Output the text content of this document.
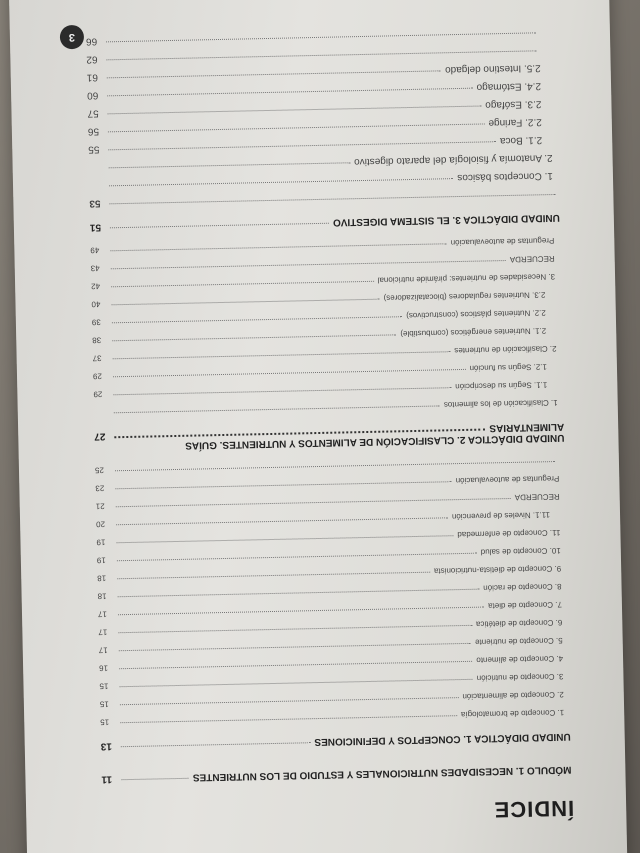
ÍNDICE
MÓDULO 1. NECESIDADES NUTRICIONALES Y ESTUDIO DE LOS NUTRIENTES
11
UNIDAD DIDÁCTICA 1. CONCEPTOS Y DEFINICIONES
13
1. Concepto de bromatología
15
2. Concepto de alimentación
15
3. Concepto de nutrición
15
4. Concepto de alimento
16
5. Concepto de nutriente
17
6. Concepto de dietética
17
7. Concepto de dieta
17
8. Concepto de ración
18
9. Concepto de dietista-nutricionista
18
10. Concepto de salud
19
11. Concepto de enfermedad
19
11.1. Niveles de prevención
20
RECUERDA
21
Preguntas de autoevaluación
23
25
UNIDAD DIDÁCTICA 2. CLASIFICACIÓN DE ALIMENTOS Y NUTRIENTES. GUÍAS
ALIMENTARIAS
27
1. Clasificación de los alimentos
1.1. Según su descripción
29
1.2. Según su función
29
2. Clasificación de nutrientes
37
2.1. Nutrientes energéticos (combustible)
38
2.2. Nutrientes plásticos (constructivos)
39
2.3. Nutrientes reguladores (biocatalizadores)
40
3. Necesidades de nutrientes: pirámide nutricional
42
RECUERDA
43
Preguntas de autoevaluación
49
UNIDAD DIDÁCTICA 3. EL SISTEMA DIGESTIVO
51
53
1. Conceptos básicos
2. Anatomía y fisiología del aparato digestivo
2.1. Boca
55
2.2. Faringe
56
2.3. Esófago
57
2.4. Estómago
60
2.5. Intestino delgado
61
62
66
3
